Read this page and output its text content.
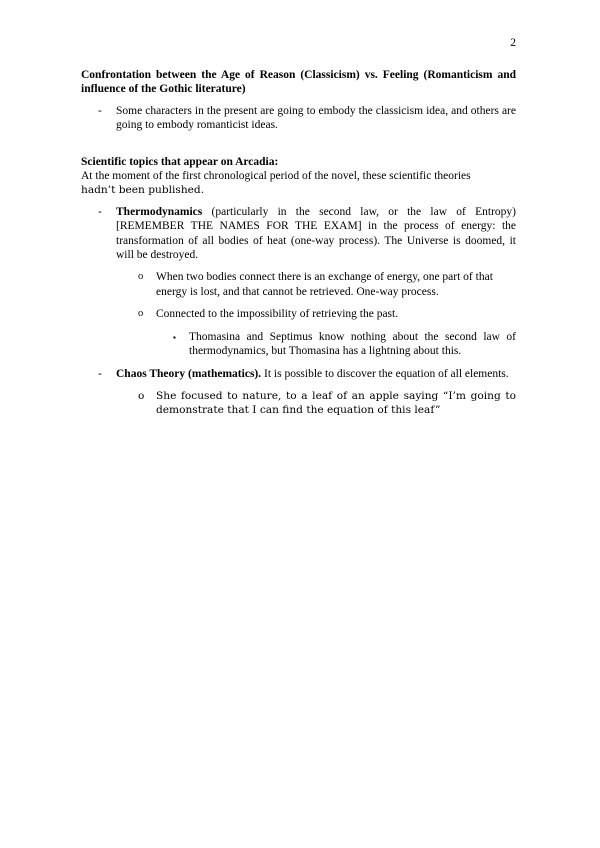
2

Confrontation between the Age of Reason (Classicism) vs. Feeling (Romanticism and influence of the Gothic literature)

- Some characters in the present are going to embody the classicism idea, and others are going to embody romanticist ideas.

Scientific topics that appear on Arcadia:

At the moment of the first chronological period of the novel, these scientific theories
hadn’t been published.

- Thermodynamics (particularly in the second law, or the law of Entropy) [REMEMBER THE NAMES FOR THE EXAM] in the process of energy: the transformation of all bodies of heat (one-way process). The Universe is doomed, it will be destroyed.
o When two bodies connect there is an exchange of energy, one part of that energy is lost, and that cannot be retrieved. One-way process.
o Connected to the impossibility of retrieving the past.
▪ Thomasina and Septimus know nothing about the second law of thermodynamics, but Thomasina has a lightning about this.
- Chaos Theory (mathematics). It is possible to discover the equation of all elements.
o She focused to nature, to a leaf of an apple saying “I’m going to demonstrate that I can find the equation of this leaf”
